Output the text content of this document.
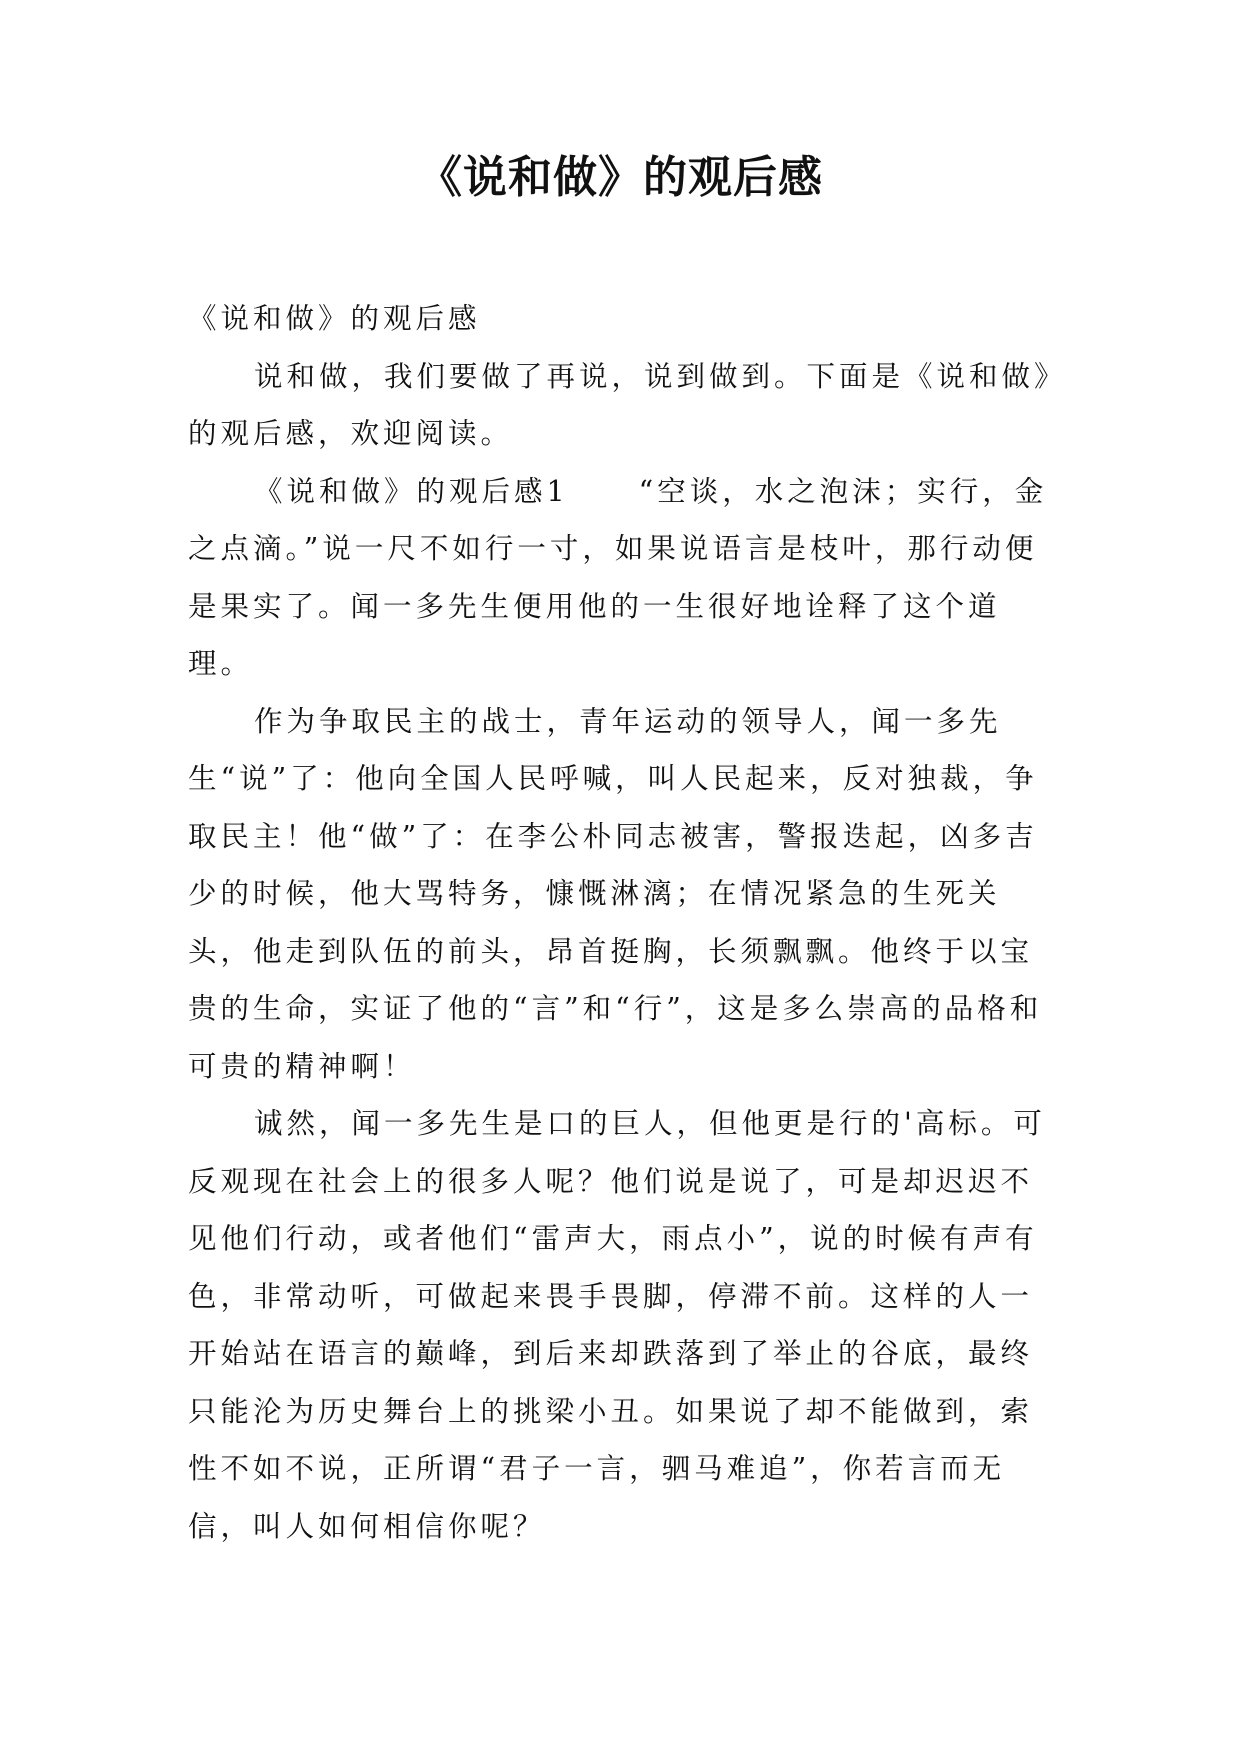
《说和做》的观后感

《说和做》的观后感

说和做，我们要做了再说，说到做到。下面是《说和做》的观后感，欢迎阅读。

《说和做》的观后感1 “空谈，水之泡沫；实行，金之点滴。”说一尺不如行一寸，如果说语言是枝叶，那行动便是果实了。闻一多先生便用他的一生很好地诠释了这个道理。

作为争取民主的战士，青年运动的领导人，闻一多先生“说”了：他向全国人民呼喊，叫人民起来，反对独裁，争取民主！他“做”了：在李公朴同志被害，警报迭起，凶多吉少的时候，他大骂特务，慷慨淋漓；在情况紧急的生死关头，他走到队伍的前头，昂首挺胸，长须飘飘。他终于以宝贵的生命，实证了他的“言”和“行”，这是多么崇高的品格和可贵的精神啊！

诚然，闻一多先生是口的巨人，但他更是行的'高标。可反观现在社会上的很多人呢？他们说是说了，可是却迟迟不见他们行动，或者他们“雷声大，雨点小”，说的时候有声有色，非常动听，可做起来畏手畏脚，停滞不前。这样的人一开始站在语言的巅峰，到后来却跌落到了举止的谷底，最终只能沦为历史舞台上的挑梁小丑。如果说了却不能做到，索性不如不说，正所谓“君子一言，驷马难追”，你若言而无信，叫人如何相信你呢？
